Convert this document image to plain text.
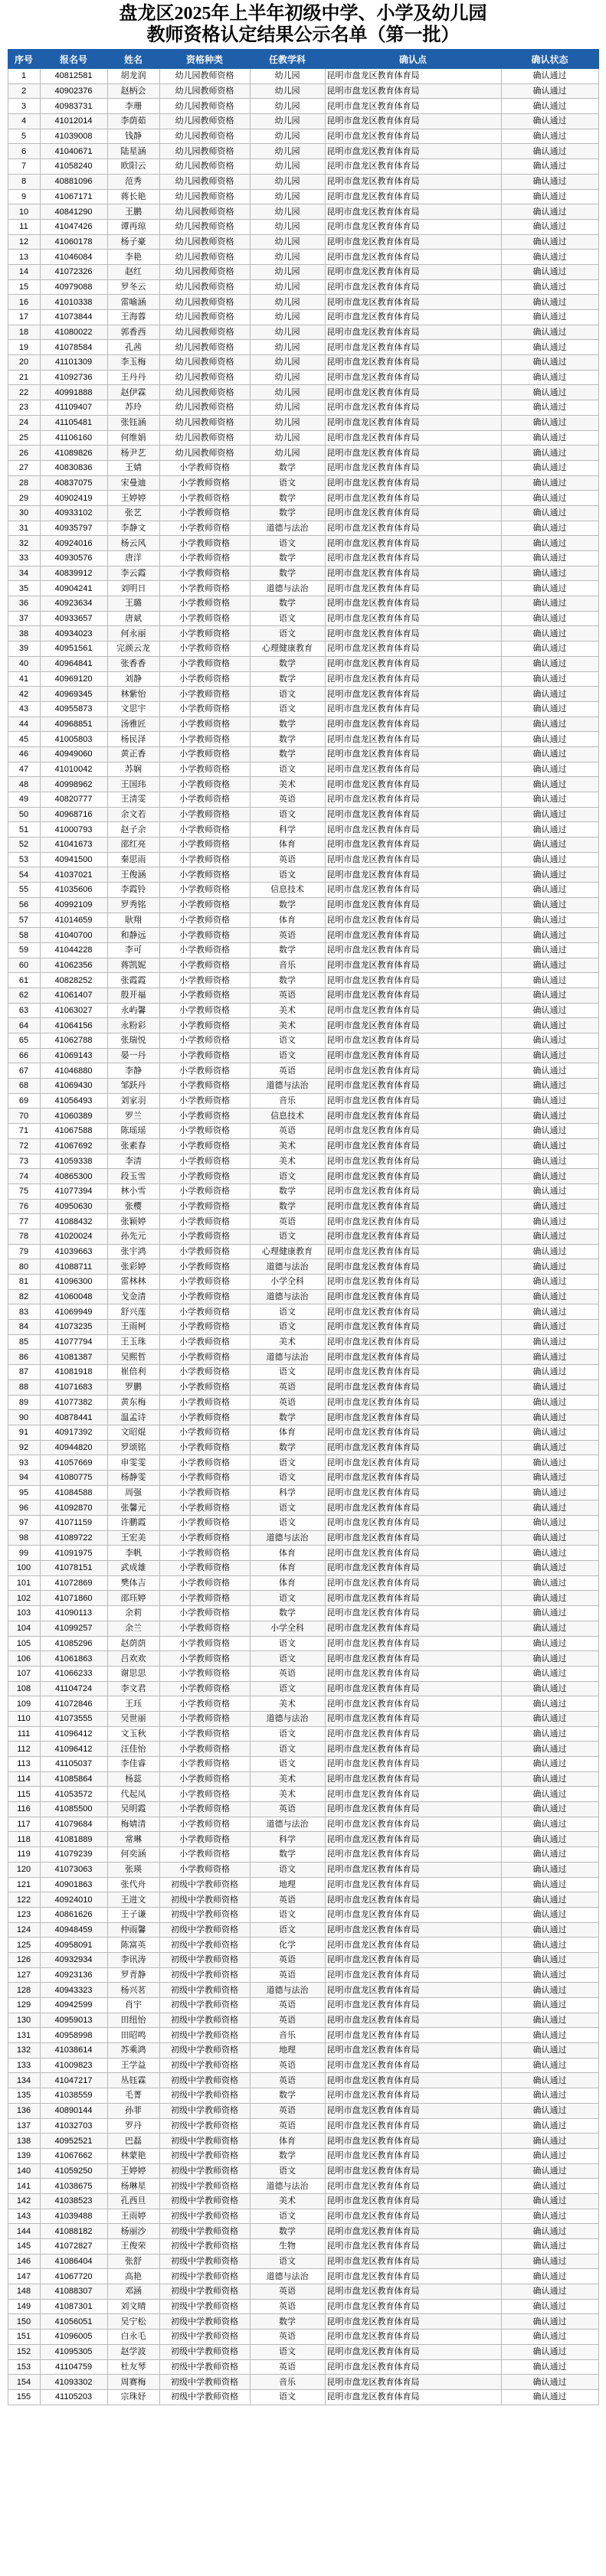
盘龙区2025年上半年初级中学、小学及幼儿园
教师资格认定结果公示名单（第一批）
序号	报名号	姓名	资格种类	任教学科	确认点	确认状态
1	40812581	胡龙润	幼儿园教师资格	幼儿园	昆明市盘龙区教育体育局	确认通过
2	40902376	赵柄会	幼儿园教师资格	幼儿园	昆明市盘龙区教育体育局	确认通过
3	40983731	李珊	幼儿园教师资格	幼儿园	昆明市盘龙区教育体育局	确认通过
4	41012014	李荫茹	幼儿园教师资格	幼儿园	昆明市盘龙区教育体育局	确认通过
5	41039008	钱静	幼儿园教师资格	幼儿园	昆明市盘龙区教育体育局	确认通过
6	41040671	陆星涵	幼儿园教师资格	幼儿园	昆明市盘龙区教育体育局	确认通过
7	41058240	欧阳云	幼儿园教师资格	幼儿园	昆明市盘龙区教育体育局	确认通过
8	40881096	范秀	幼儿园教师资格	幼儿园	昆明市盘龙区教育体育局	确认通过
9	41067171	蒋长艳	幼儿园教师资格	幼儿园	昆明市盘龙区教育体育局	确认通过
10	40841290	王鹏	幼儿园教师资格	幼儿园	昆明市盘龙区教育体育局	确认通过
11	41047426	谭再琼	幼儿园教师资格	幼儿园	昆明市盘龙区教育体育局	确认通过
12	41060178	杨子豪	幼儿园教师资格	幼儿园	昆明市盘龙区教育体育局	确认通过
13	41046084	李艳	幼儿园教师资格	幼儿园	昆明市盘龙区教育体育局	确认通过
14	41072326	赵红	幼儿园教师资格	幼儿园	昆明市盘龙区教育体育局	确认通过
15	40979088	罗冬云	幼儿园教师资格	幼儿园	昆明市盘龙区教育体育局	确认通过
16	41010338	雷喻涵	幼儿园教师资格	幼儿园	昆明市盘龙区教育体育局	确认通过
17	41073844	王海蓉	幼儿园教师资格	幼儿园	昆明市盘龙区教育体育局	确认通过
18	41080022	郭香西	幼儿园教师资格	幼儿园	昆明市盘龙区教育体育局	确认通过
19	41078584	孔茜	幼儿园教师资格	幼儿园	昆明市盘龙区教育体育局	确认通过
20	41101309	李玉梅	幼儿园教师资格	幼儿园	昆明市盘龙区教育体育局	确认通过
21	41092736	王丹丹	幼儿园教师资格	幼儿园	昆明市盘龙区教育体育局	确认通过
22	40991888	赵伊霖	幼儿园教师资格	幼儿园	昆明市盘龙区教育体育局	确认通过
23	41109407	苏玲	幼儿园教师资格	幼儿园	昆明市盘龙区教育体育局	确认通过
24	41105481	张钰涵	幼儿园教师资格	幼儿园	昆明市盘龙区教育体育局	确认通过
25	41106160	何维娟	幼儿园教师资格	幼儿园	昆明市盘龙区教育体育局	确认通过
26	41089826	杨尹艺	幼儿园教师资格	幼儿园	昆明市盘龙区教育体育局	确认通过
27	40830836	王婧	小学教师资格	数学	昆明市盘龙区教育体育局	确认通过
28	40837075	宋曼迪	小学教师资格	语文	昆明市盘龙区教育体育局	确认通过
29	40902419	王婷婷	小学教师资格	数学	昆明市盘龙区教育体育局	确认通过
30	40933102	张艺	小学教师资格	数学	昆明市盘龙区教育体育局	确认通过
31	40935797	李静文	小学教师资格	道德与法治	昆明市盘龙区教育体育局	确认通过
32	40924016	杨云风	小学教师资格	语文	昆明市盘龙区教育体育局	确认通过
33	40930576	唐洋	小学教师资格	数学	昆明市盘龙区教育体育局	确认通过
34	40839912	李云霞	小学教师资格	数学	昆明市盘龙区教育体育局	确认通过
35	40904241	刘明日	小学教师资格	道德与法治	昆明市盘龙区教育体育局	确认通过
36	40923634	王璐	小学教师资格	数学	昆明市盘龙区教育体育局	确认通过
37	40933657	唐斌	小学教师资格	语文	昆明市盘龙区教育体育局	确认通过
38	40934023	何永丽	小学教师资格	语文	昆明市盘龙区教育体育局	确认通过
39	40951561	完颜云龙	小学教师资格	心理健康教育	昆明市盘龙区教育体育局	确认通过
40	40964841	张香香	小学教师资格	数学	昆明市盘龙区教育体育局	确认通过
41	40969120	刘静	小学教师资格	数学	昆明市盘龙区教育体育局	确认通过
42	40969345	林紫怡	小学教师资格	语文	昆明市盘龙区教育体育局	确认通过
43	40955873	文思宇	小学教师资格	语文	昆明市盘龙区教育体育局	确认通过
44	40968851	汤雅匠	小学教师资格	数学	昆明市盘龙区教育体育局	确认通过
45	41005803	杨民泽	小学教师资格	数学	昆明市盘龙区教育体育局	确认通过
46	40949060	黄正香	小学教师资格	数学	昆明市盘龙区教育体育局	确认通过
47	41010042	苏娴	小学教师资格	语文	昆明市盘龙区教育体育局	确认通过
48	40998962	王国玮	小学教师资格	美术	昆明市盘龙区教育体育局	确认通过
49	40820777	王清雯	小学教师资格	英语	昆明市盘龙区教育体育局	确认通过
50	40968716	余文若	小学教师资格	语文	昆明市盘龙区教育体育局	确认通过
51	41000793	赵子余	小学教师资格	科学	昆明市盘龙区教育体育局	确认通过
52	41041673	邵红亮	小学教师资格	体育	昆明市盘龙区教育体育局	确认通过
53	40941500	秦思雨	小学教师资格	英语	昆明市盘龙区教育体育局	确认通过
54	41037021	王俊涵	小学教师资格	语文	昆明市盘龙区教育体育局	确认通过
55	41035606	李霞铃	小学教师资格	信息技术	昆明市盘龙区教育体育局	确认通过
56	40992109	罗秀铭	小学教师资格	数学	昆明市盘龙区教育体育局	确认通过
57	41014659	耿翔	小学教师资格	体育	昆明市盘龙区教育体育局	确认通过
58	41040700	和静远	小学教师资格	英语	昆明市盘龙区教育体育局	确认通过
59	41044228	李可	小学教师资格	数学	昆明市盘龙区教育体育局	确认通过
60	41062356	蒋凯妮	小学教师资格	音乐	昆明市盘龙区教育体育局	确认通过
61	40828252	张霞霞	小学教师资格	数学	昆明市盘龙区教育体育局	确认通过
62	41061407	殷开福	小学教师资格	英语	昆明市盘龙区教育体育局	确认通过
63	41063027	永屿馨	小学教师资格	美术	昆明市盘龙区教育体育局	确认通过
64	41064156	永粉彩	小学教师资格	美术	昆明市盘龙区教育体育局	确认通过
65	41062788	张瑞悦	小学教师资格	语文	昆明市盘龙区教育体育局	确认通过
66	41069143	晏一丹	小学教师资格	语文	昆明市盘龙区教育体育局	确认通过
67	41046880	李静	小学教师资格	英语	昆明市盘龙区教育体育局	确认通过
68	41069430	邹跃丹	小学教师资格	道德与法治	昆明市盘龙区教育体育局	确认通过
69	41056493	刘家羽	小学教师资格	音乐	昆明市盘龙区教育体育局	确认通过
70	41060389	罗兰	小学教师资格	信息技术	昆明市盘龙区教育体育局	确认通过
71	41067588	陈瑶瑶	小学教师资格	英语	昆明市盘龙区教育体育局	确认通过
72	41067692	张素春	小学教师资格	美术	昆明市盘龙区教育体育局	确认通过
73	41059338	李清	小学教师资格	美术	昆明市盘龙区教育体育局	确认通过
74	40865300	段玉雪	小学教师资格	语文	昆明市盘龙区教育体育局	确认通过
75	41077394	林小雪	小学教师资格	数学	昆明市盘龙区教育体育局	确认通过
76	40950630	张樱	小学教师资格	数学	昆明市盘龙区教育体育局	确认通过
77	41088432	张颖婷	小学教师资格	英语	昆明市盘龙区教育体育局	确认通过
78	41020024	孙先元	小学教师资格	语文	昆明市盘龙区教育体育局	确认通过
79	41039663	张宇鸿	小学教师资格	心理健康教育	昆明市盘龙区教育体育局	确认通过
80	41088711	张彩婷	小学教师资格	道德与法治	昆明市盘龙区教育体育局	确认通过
81	41096300	雷林林	小学教师资格	小学全科	昆明市盘龙区教育体育局	确认通过
82	41060048	戈金清	小学教师资格	道德与法治	昆明市盘龙区教育体育局	确认通过
83	41069949	舒兴莲	小学教师资格	语文	昆明市盘龙区教育体育局	确认通过
84	41073235	王雨柯	小学教师资格	语文	昆明市盘龙区教育体育局	确认通过
85	41077794	王玉珠	小学教师资格	美术	昆明市盘龙区教育体育局	确认通过
86	41081387	吴熙哲	小学教师资格	道德与法治	昆明市盘龙区教育体育局	确认通过
87	41081918	崔倍利	小学教师资格	语文	昆明市盘龙区教育体育局	确认通过
88	41071683	罗鹏	小学教师资格	英语	昆明市盘龙区教育体育局	确认通过
89	41077382	黄东梅	小学教师资格	英语	昆明市盘龙区教育体育局	确认通过
90	40878441	温孟诗	小学教师资格	数学	昆明市盘龙区教育体育局	确认通过
91	40917392	文昭焜	小学教师资格	体育	昆明市盘龙区教育体育局	确认通过
92	40944820	罗颂铭	小学教师资格	数学	昆明市盘龙区教育体育局	确认通过
93	41057669	申雯雯	小学教师资格	语文	昆明市盘龙区教育体育局	确认通过
94	41080775	杨静雯	小学教师资格	语文	昆明市盘龙区教育体育局	确认通过
95	41084588	周强	小学教师资格	科学	昆明市盘龙区教育体育局	确认通过
96	41092870	张馨元	小学教师资格	语文	昆明市盘龙区教育体育局	确认通过
97	41071159	许鹏霞	小学教师资格	语文	昆明市盘龙区教育体育局	确认通过
98	41089722	王宏美	小学教师资格	道德与法治	昆明市盘龙区教育体育局	确认通过
99	41091975	李帆	小学教师资格	体育	昆明市盘龙区教育体育局	确认通过
100	41078151	武成雄	小学教师资格	体育	昆明市盘龙区教育体育局	确认通过
101	41072869	樊体吉	小学教师资格	体育	昆明市盘龙区教育体育局	确认通过
102	41071860	邵珏婷	小学教师资格	语文	昆明市盘龙区教育体育局	确认通过
103	41090113	余莉	小学教师资格	数学	昆明市盘龙区教育体育局	确认通过
104	41099257	余兰	小学教师资格	小学全科	昆明市盘龙区教育体育局	确认通过
105	41085296	赵荫荫	小学教师资格	语文	昆明市盘龙区教育体育局	确认通过
106	41061863	吕欢欢	小学教师资格	语文	昆明市盘龙区教育体育局	确认通过
107	41066233	谢思思	小学教师资格	英语	昆明市盘龙区教育体育局	确认通过
108	41104724	李文君	小学教师资格	语文	昆明市盘龙区教育体育局	确认通过
109	41072846	王珏	小学教师资格	美术	昆明市盘龙区教育体育局	确认通过
110	41073555	吴世丽	小学教师资格	道德与法治	昆明市盘龙区教育体育局	确认通过
111	41096412	文玉秋	小学教师资格	语文	昆明市盘龙区教育体育局	确认通过
112	41096412	汪佳怡	小学教师资格	语文	昆明市盘龙区教育体育局	确认通过
113	41105037	李佳睿	小学教师资格	语文	昆明市盘龙区教育体育局	确认通过
114	41085864	杨蕊	小学教师资格	美术	昆明市盘龙区教育体育局	确认通过
115	41053572	代起凤	小学教师资格	美术	昆明市盘龙区教育体育局	确认通过
116	41085500	吴明霞	小学教师资格	英语	昆明市盘龙区教育体育局	确认通过
117	41079684	梅婧清	小学教师资格	道德与法治	昆明市盘龙区教育体育局	确认通过
118	41081889	常琳	小学教师资格	科学	昆明市盘龙区教育体育局	确认通过
119	41079239	何奕涵	小学教师资格	数学	昆明市盘龙区教育体育局	确认通过
120	41073063	张瑛	小学教师资格	语文	昆明市盘龙区教育体育局	确认通过
121	40901863	张代舟	初级中学教师资格	地理	昆明市盘龙区教育体育局	确认通过
122	40924010	王进文	初级中学教师资格	英语	昆明市盘龙区教育体育局	确认通过
123	40861626	王子谦	初级中学教师资格	语文	昆明市盘龙区教育体育局	确认通过
124	40948459	仲雨馨	初级中学教师资格	语文	昆明市盘龙区教育体育局	确认通过
125	40958091	陈富英	初级中学教师资格	化学	昆明市盘龙区教育体育局	确认通过
126	40932934	李讯涛	初级中学教师资格	英语	昆明市盘龙区教育体育局	确认通过
127	40923136	罗青静	初级中学教师资格	英语	昆明市盘龙区教育体育局	确认通过
128	40943323	杨兴茗	初级中学教师资格	道德与法治	昆明市盘龙区教育体育局	确认通过
129	40942599	肖宇	初级中学教师资格	英语	昆明市盘龙区教育体育局	确认通过
130	40959013	田纽怡	初级中学教师资格	英语	昆明市盘龙区教育体育局	确认通过
131	40958998	田昭鸣	初级中学教师资格	音乐	昆明市盘龙区教育体育局	确认通过
132	41038614	苏乘鸿	初级中学教师资格	地理	昆明市盘龙区教育体育局	确认通过
133	41009823	王学益	初级中学教师资格	英语	昆明市盘龙区教育体育局	确认通过
134	41047217	丛钰霖	初级中学教师资格	英语	昆明市盘龙区教育体育局	确认通过
135	41038559	毛菁	初级中学教师资格	数学	昆明市盘龙区教育体育局	确认通过
136	40890144	孙菲	初级中学教师资格	英语	昆明市盘龙区教育体育局	确认通过
137	41032703	罗丹	初级中学教师资格	英语	昆明市盘龙区教育体育局	确认通过
138	40952521	巴磊	初级中学教师资格	体育	昆明市盘龙区教育体育局	确认通过
139	41067662	林蒙艳	初级中学教师资格	数学	昆明市盘龙区教育体育局	确认通过
140	41059250	王婷婷	初级中学教师资格	语文	昆明市盘龙区教育体育局	确认通过
141	41038675	杨琳星	初级中学教师资格	道德与法治	昆明市盘龙区教育体育局	确认通过
142	41038523	孔西旦	初级中学教师资格	美术	昆明市盘龙区教育体育局	确认通过
143	41039488	王雨婷	初级中学教师资格	语文	昆明市盘龙区教育体育局	确认通过
144	41088182	杨丽沙	初级中学教师资格	数学	昆明市盘龙区教育体育局	确认通过
145	41072827	王俊荣	初级中学教师资格	生物	昆明市盘龙区教育体育局	确认通过
146	41086404	张舒	初级中学教师资格	语文	昆明市盘龙区教育体育局	确认通过
147	41067720	高艳	初级中学教师资格	道德与法治	昆明市盘龙区教育体育局	确认通过
148	41088307	邓涵	初级中学教师资格	英语	昆明市盘龙区教育体育局	确认通过
149	41087301	刘文晴	初级中学教师资格	英语	昆明市盘龙区教育体育局	确认通过
150	41056051	吴宁松	初级中学教师资格	数学	昆明市盘龙区教育体育局	确认通过
151	41096005	白永毛	初级中学教师资格	英语	昆明市盘龙区教育体育局	确认通过
152	41095305	赵学波	初级中学教师资格	语文	昆明市盘龙区教育体育局	确认通过
153	41104759	杜友琴	初级中学教师资格	英语	昆明市盘龙区教育体育局	确认通过
154	41093302	周赛梅	初级中学教师资格	音乐	昆明市盘龙区教育体育局	确认通过
155	41105203	宗珠妤	初级中学教师资格	语文	昆明市盘龙区教育体育局	确认通过
